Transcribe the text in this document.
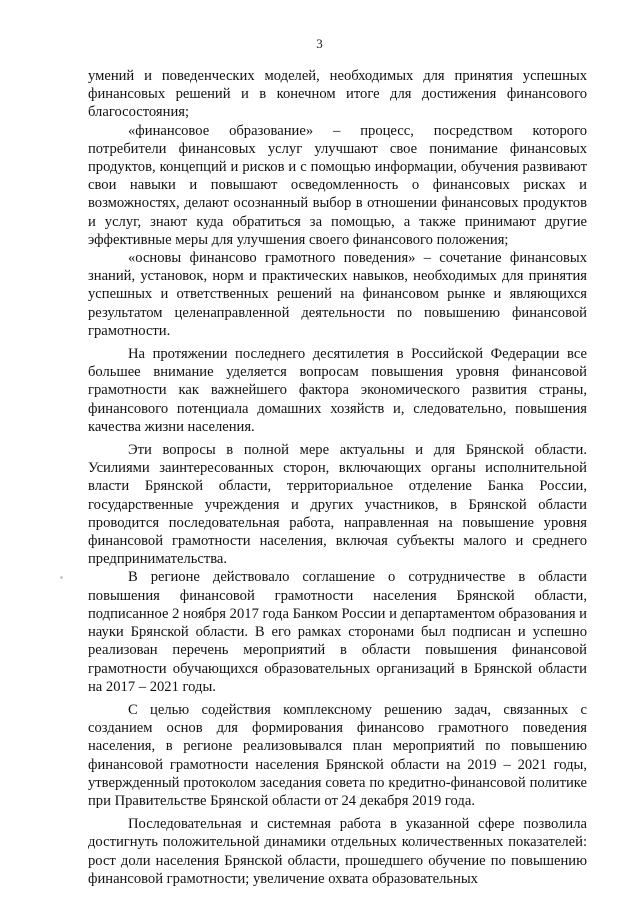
3

умений и поведенческих моделей, необходимых для принятия успешных финансовых решений и в конечном итоге для достижения финансового благосостояния;

«финансовое образование» – процесс, посредством которого потребители финансовых услуг улучшают свое понимание финансовых продуктов, концепций и рисков и с помощью информации, обучения развивают свои навыки и повышают осведомленность о финансовых рисках и возможностях, делают осознанный выбор в отношении финансовых продуктов и услуг, знают куда обратиться за помощью, а также принимают другие эффективные меры для улучшения своего финансового положения;

«основы финансово грамотного поведения» – сочетание финансовых знаний, установок, норм и практических навыков, необходимых для принятия успешных и ответственных решений на финансовом рынке и являющихся результатом целенаправленной деятельности по повышению финансовой грамотности.

На протяжении последнего десятилетия в Российской Федерации все большее внимание уделяется вопросам повышения уровня финансовой грамотности как важнейшего фактора экономического развития страны, финансового потенциала домашних хозяйств и, следовательно, повышения качества жизни населения.

Эти вопросы в полной мере актуальны и для Брянской области. Усилиями заинтересованных сторон, включающих органы исполнительной власти Брянской области, территориальное отделение Банка России, государственные учреждения и других участников, в Брянской области проводится последовательная работа, направленная на повышение уровня финансовой грамотности населения, включая субъекты малого и среднего предпринимательства.

В регионе действовало соглашение о сотрудничестве в области повышения финансовой грамотности населения Брянской области, подписанное 2 ноября 2017 года Банком России и департаментом образования и науки Брянской области. В его рамках сторонами был подписан и успешно реализован перечень мероприятий в области повышения финансовой грамотности обучающихся образовательных организаций в Брянской области на 2017 – 2021 годы.

С целью содействия комплексному решению задач, связанных с созданием основ для формирования финансово грамотного поведения населения, в регионе реализовывался план мероприятий по повышению финансовой грамотности населения Брянской области на 2019 – 2021 годы, утвержденный протоколом заседания совета по кредитно-финансовой политике при Правительстве Брянской области от 24 декабря 2019 года.

Последовательная и системная работа в указанной сфере позволила достигнуть положительной динамики отдельных количественных показателей: рост доли населения Брянской области, прошедшего обучение по повышению финансовой грамотности; увеличение охвата образовательных
